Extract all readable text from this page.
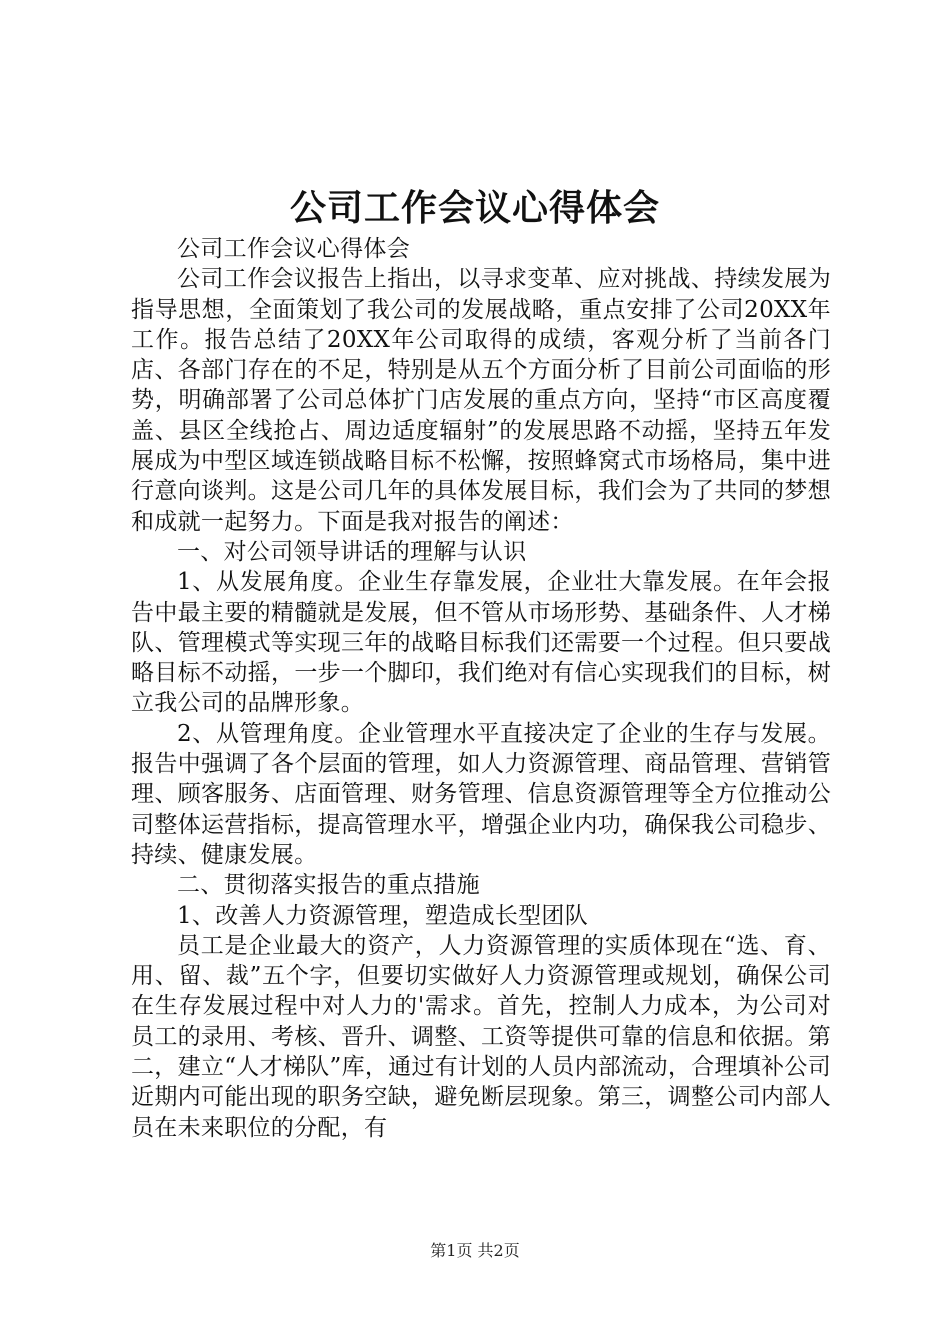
公司工作会议心得体会

公司工作会议心得体会

公司工作会议报告上指出，以寻求变革、应对挑战、持续发展为指导思想，全面策划了我公司的发展战略，重点安排了公司20XX年工作。报告总结了20XX年公司取得的成绩，客观分析了当前各门店、各部门存在的不足，特别是从五个方面分析了目前公司面临的形势，明确部署了公司总体扩门店发展的重点方向，坚持“市区高度覆盖、县区全线抢占、周边适度辐射”的发展思路不动摇，坚持五年发展成为中型区域连锁战略目标不松懈，按照蜂窝式市场格局，集中进行意向谈判。这是公司几年的具体发展目标，我们会为了共同的梦想和成就一起努力。下面是我对报告的阐述：

一、对公司领导讲话的理解与认识

1、从发展角度。企业生存靠发展，企业壮大靠发展。在年会报告中最主要的精髓就是发展，但不管从市场形势、基础条件、人才梯队、管理模式等实现三年的战略目标我们还需要一个过程。但只要战略目标不动摇，一步一个脚印，我们绝对有信心实现我们的目标，树立我公司的品牌形象。

2、从管理角度。企业管理水平直接决定了企业的生存与发展。报告中强调了各个层面的管理，如人力资源管理、商品管理、营销管理、顾客服务、店面管理、财务管理、信息资源管理等全方位推动公司整体运营指标，提高管理水平，增强企业内功，确保我公司稳步、持续、健康发展。

二、贯彻落实报告的重点措施

1、改善人力资源管理，塑造成长型团队

员工是企业最大的资产，人力资源管理的实质体现在“选、育、用、留、裁”五个字，但要切实做好人力资源管理或规划，确保公司在生存发展过程中对人力的'需求。首先，控制人力成本，为公司对员工的录用、考核、晋升、调整、工资等提供可靠的信息和依据。第二，建立“人才梯队”库，通过有计划的人员内部流动，合理填补公司近期内可能出现的职务空缺，避免断层现象。第三，调整公司内部人员在未来职位的分配，有

第1页 共2页
